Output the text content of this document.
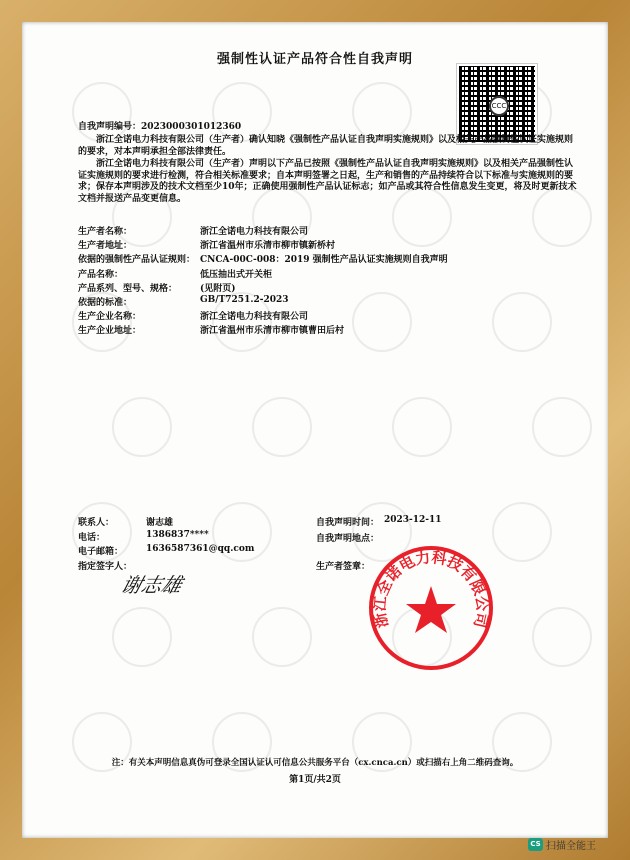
强制性认证产品符合性自我声明
CCC
自我声明编号：2023000301012360
浙江全诺电力科技有限公司（生产者）确认知晓《强制性产品认证自我声明实施规则》以及相关产品强制性认证实施规则的要求，对本声明承担全部法律责任。
浙江全诺电力科技有限公司（生产者）声明以下产品已按照《强制性产品认证自我声明实施规则》以及相关产品强制性认证实施规则的要求进行检测，符合相关标准要求；自本声明签署之日起，生产和销售的产品持续符合以下标准与实施规则的要求；保存本声明涉及的技术文档至少10年；正确使用强制性产品认证标志；如产品或其符合性信息发生变更，将及时更新技术文档并报送产品变更信息。
生产者名称：	浙江全诺电力科技有限公司
生产者地址：	浙江省温州市乐清市柳市镇新桥村
依据的强制性产品认证规则： CNCA-00C-008：2019 强制性产品认证实施规则自我声明
产品名称：	低压抽出式开关柜
产品系列、型号、规格：	(见附页)
依据的标准：	GB/T7251.2-2023
生产企业名称：	浙江全诺电力科技有限公司
生产企业地址：	浙江省温州市乐清市柳市镇曹田后村
联系人：	谢志雄
电话：	1386837****
电子邮箱：	1636587361@qq.com
指定签字人：
自我声明时间： 2023-12-11
自我声明地点：
生产者签章：
谢志雄
浙江全诺电力科技有限公司
注：有关本声明信息真伪可登录全国认证认可信息公共服务平台（cx.cnca.cn）或扫描右上角二维码查询。
第1页/共2页
CS 扫描全能王
